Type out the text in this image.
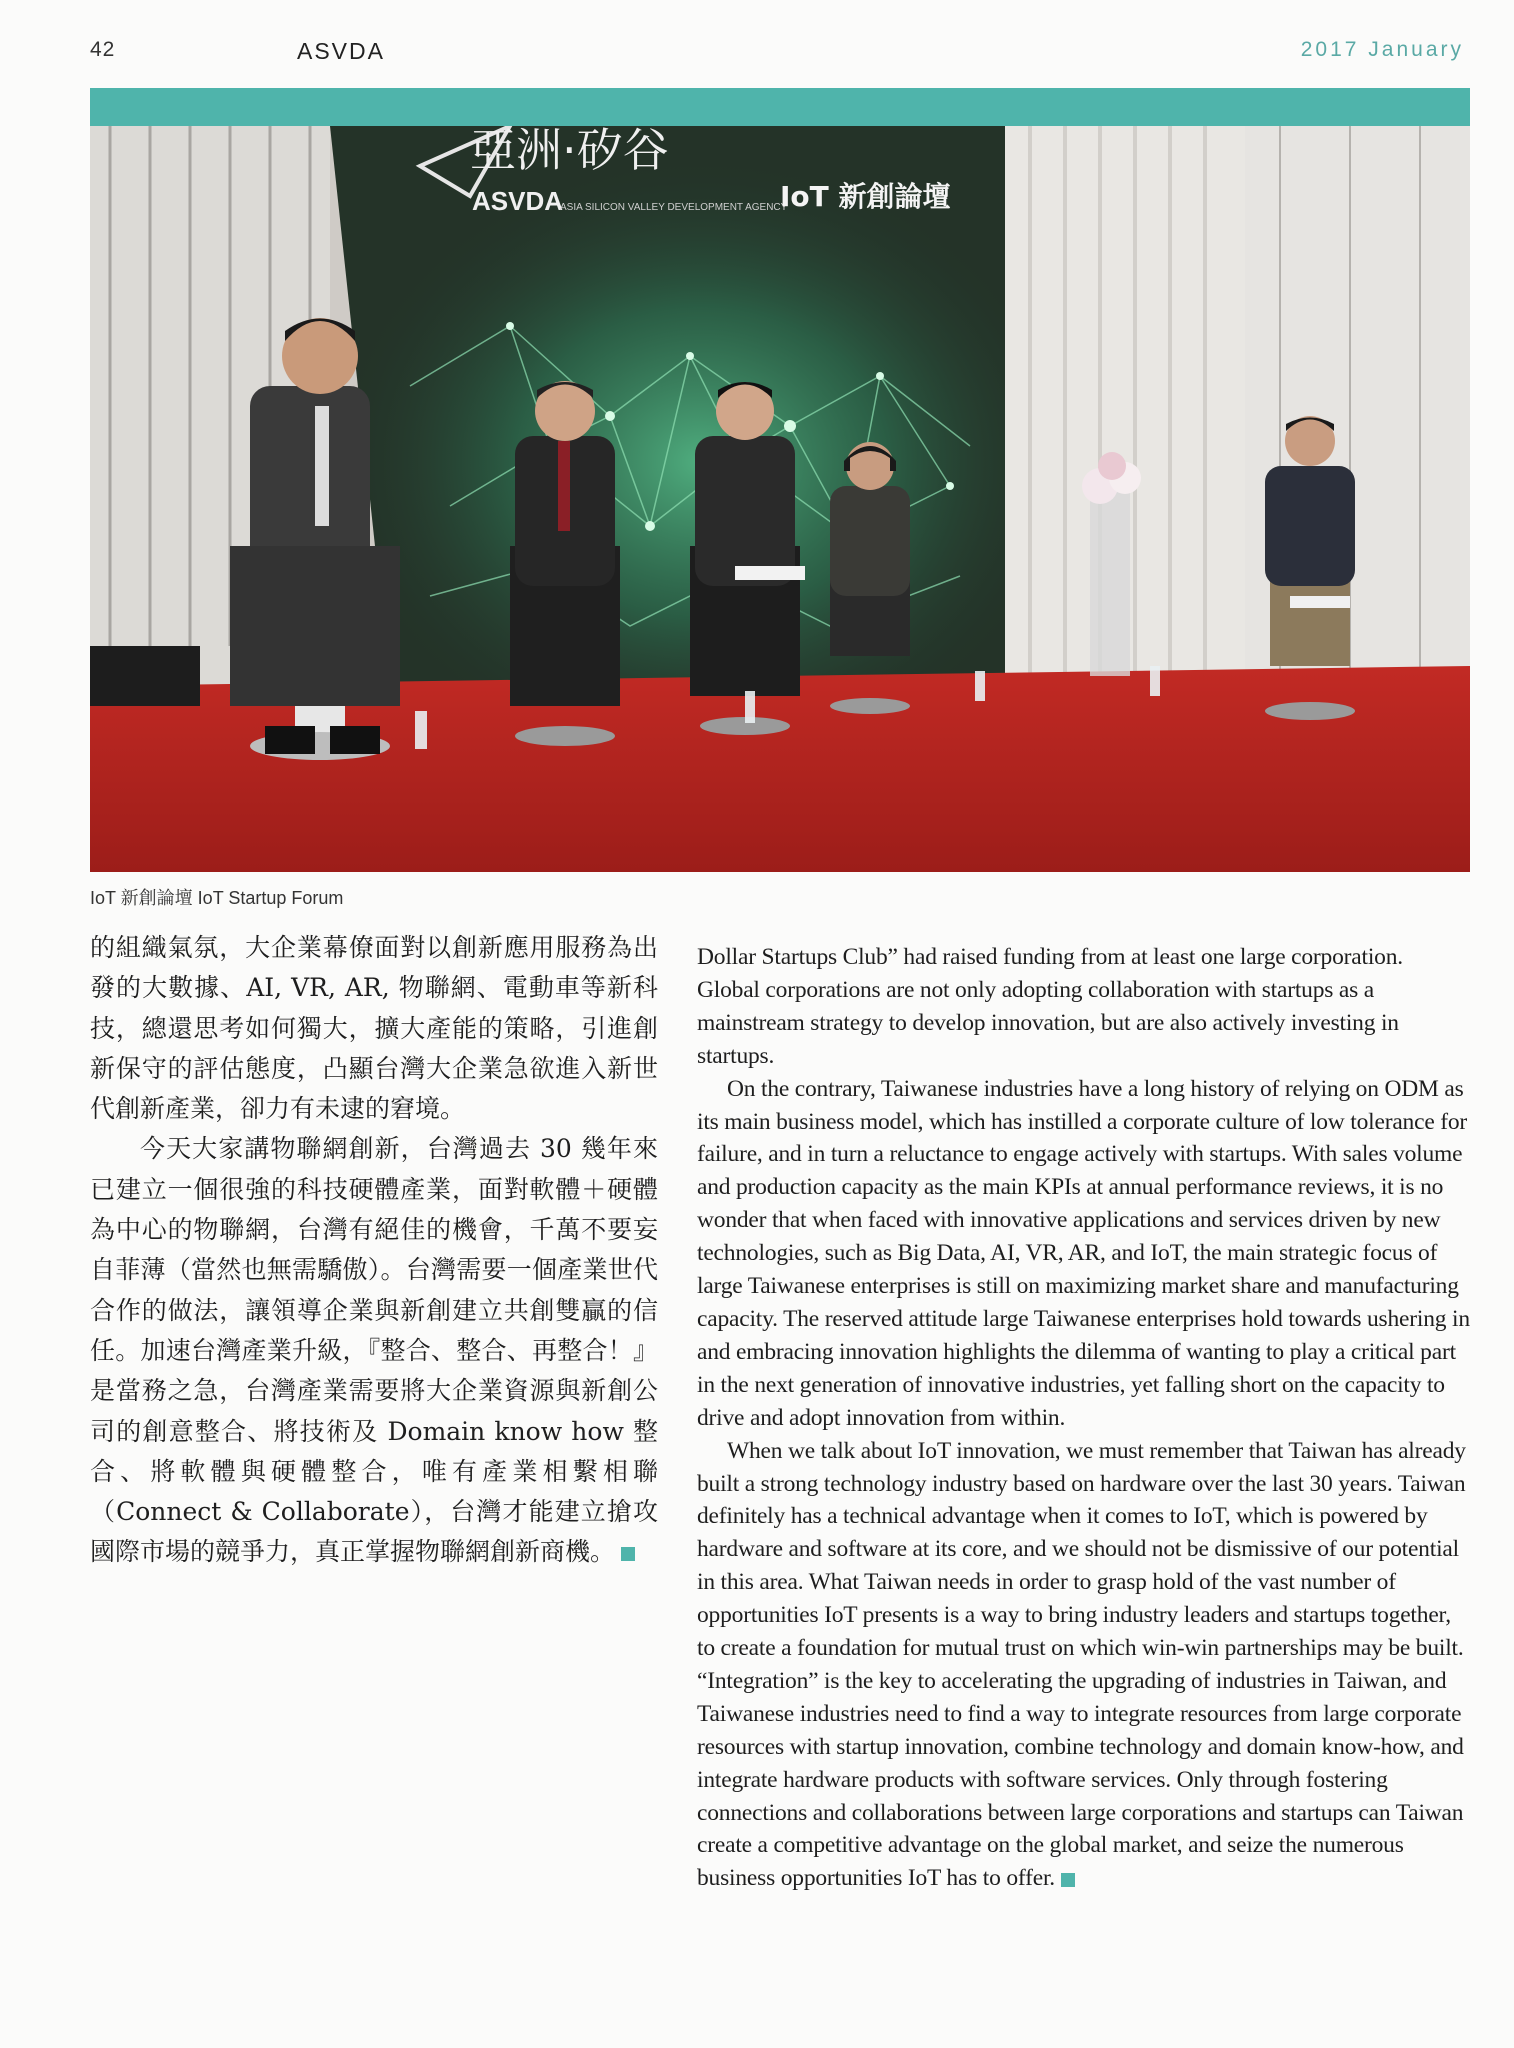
42	ASVDA	2017 January
亞洲·矽谷
ASVDA
ASIA SILICON VALLEY DEVELOPMENT AGENCY
IoT 新創論壇
IoT 新創論壇 IoT Startup Forum

的組織氣氛，大企業幕僚面對以創新應用服務為出發的大數據、AI, VR, AR, 物聯網、電動車等新科技，總還思考如何獨大，擴大產能的策略，引進創新保守的評估態度，凸顯台灣大企業急欲進入新世代創新產業，卻力有未逮的窘境。

今天大家講物聯網創新，台灣過去 30 幾年來已建立一個很強的科技硬體產業，面對軟體＋硬體為中心的物聯網，台灣有絕佳的機會，千萬不要妄自菲薄（當然也無需驕傲）。台灣需要一個產業世代合作的做法，讓領導企業與新創建立共創雙贏的信任。加速台灣產業升級，『整合、整合、再整合！』是當務之急，台灣產業需要將大企業資源與新創公司的創意整合、將技術及 Domain know how 整合、將軟體與硬體整合，唯有產業相繫相聯（Connect & Collaborate），台灣才能建立搶攻國際市場的競爭力，真正掌握物聯網創新商機。

Dollar Startups Club” had raised funding from at least one large corporation. Global corporations are not only adopting collaboration with startups as a mainstream strategy to develop innovation, but are also actively investing in startups.

On the contrary, Taiwanese industries have a long history of relying on ODM as its main business model, which has instilled a corporate culture of low tolerance for failure, and in turn a reluctance to engage actively with startups. With sales volume and production capacity as the main KPIs at annual performance reviews, it is no wonder that when faced with innovative applications and services driven by new technologies, such as Big Data, AI, VR, AR, and IoT, the main strategic focus of large Taiwanese enterprises is still on maximizing market share and manufacturing capacity. The reserved attitude large Taiwanese enterprises hold towards ushering in and embracing innovation highlights the dilemma of wanting to play a critical part in the next generation of innovative industries, yet falling short on the capacity to drive and adopt innovation from within.

When we talk about IoT innovation, we must remember that Taiwan has already built a strong technology industry based on hardware over the last 30 years. Taiwan definitely has a technical advantage when it comes to IoT, which is powered by hardware and software at its core, and we should not be dismissive of our potential in this area. What Taiwan needs in order to grasp hold of the vast number of opportunities IoT presents is a way to bring industry leaders and startups together, to create a foundation for mutual trust on which win-win partnerships may be built. “Integration” is the key to accelerating the upgrading of industries in Taiwan, and Taiwanese industries need to find a way to integrate resources from large corporate resources with startup innovation, combine technology and domain know-how, and integrate hardware products with software services. Only through fostering connections and collaborations between large corporations and startups can Taiwan create a competitive advantage on the global market, and seize the numerous business opportunities IoT has to offer.
